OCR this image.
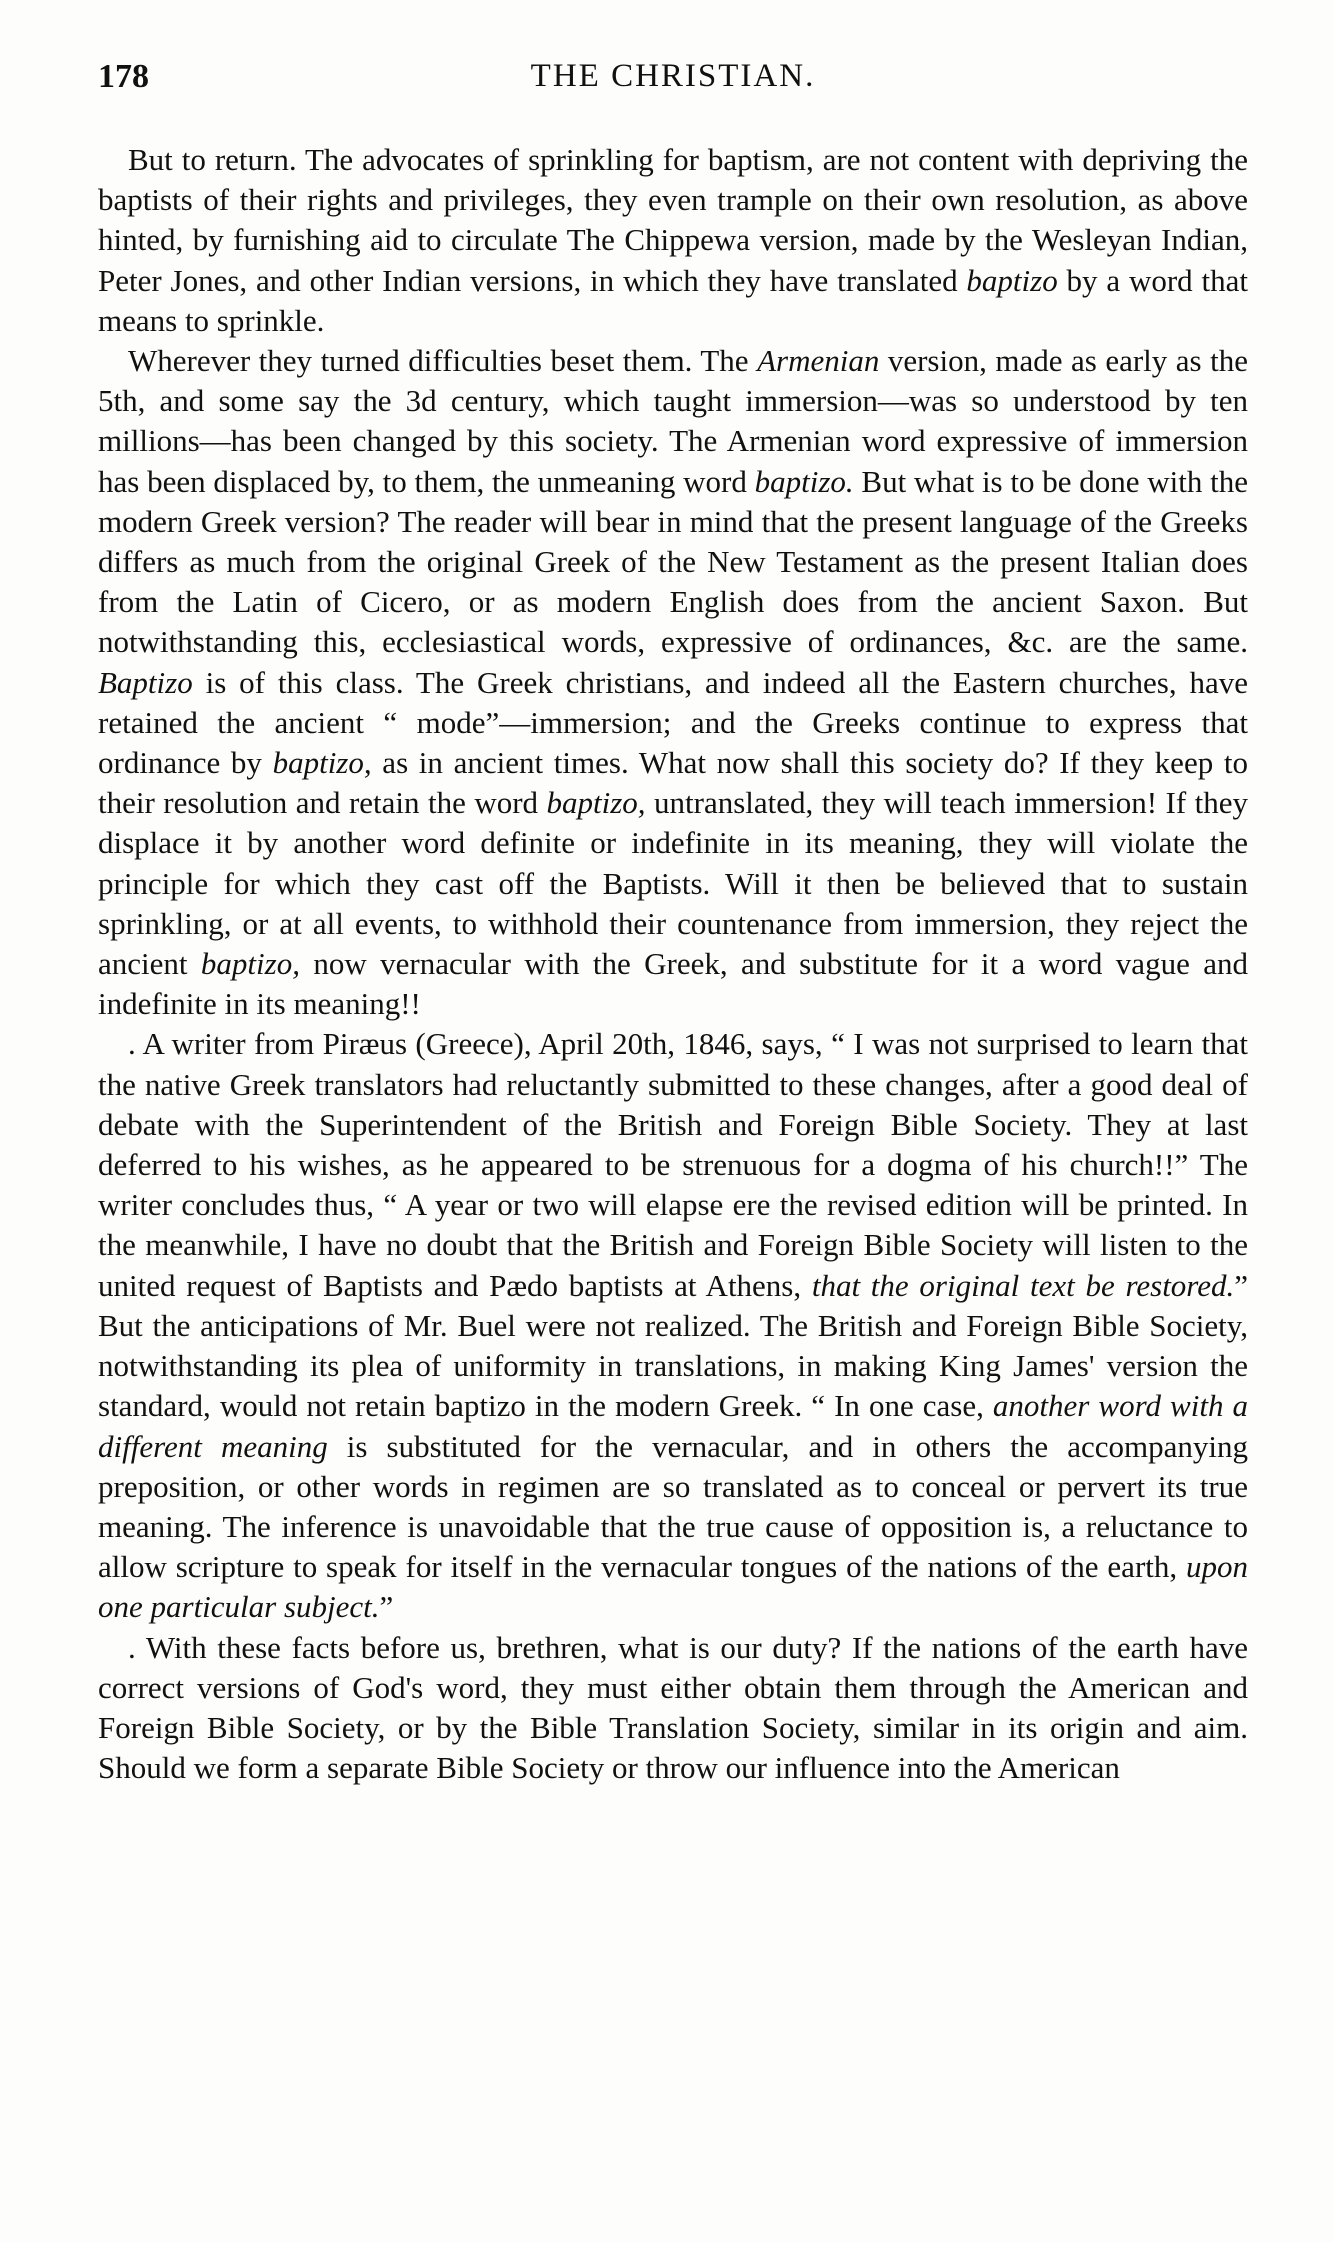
178	THE CHRISTIAN.

But to return. The advocates of sprinkling for baptism, are not content with depriving the baptists of their rights and privileges, they even trample on their own resolution, as above hinted, by furnishing aid to circulate The Chippewa version, made by the Wesleyan Indian, Peter Jones, and other Indian versions, in which they have translated baptizo by a word that means to sprinkle.

Wherever they turned difficulties beset them. The Armenian version, made as early as the 5th, and some say the 3d century, which taught immersion—was so understood by ten millions—has been changed by this society. The Armenian word expressive of immersion has been displaced by, to them, the unmeaning word baptizo. But what is to be done with the modern Greek version? The reader will bear in mind that the present language of the Greeks differs as much from the original Greek of the New Testament as the present Italian does from the Latin of Cicero, or as modern English does from the ancient Saxon. But notwithstanding this, ecclesiastical words, expressive of ordinances, &c. are the same. Baptizo is of this class. The Greek christians, and indeed all the Eastern churches, have retained the ancient “ mode”—immersion; and the Greeks continue to express that ordinance by baptizo, as in ancient times. What now shall this society do? If they keep to their resolution and retain the word baptizo, untranslated, they will teach immersion! If they displace it by another word definite or indefinite in its meaning, they will violate the principle for which they cast off the Baptists. Will it then be believed that to sustain sprinkling, or at all events, to withhold their countenance from immersion, they reject the ancient baptizo, now vernacular with the Greek, and substitute for it a word vague and indefinite in its meaning!!

. A writer from Piræus (Greece), April 20th, 1846, says, “ I was not surprised to learn that the native Greek translators had reluctantly submitted to these changes, after a good deal of debate with the Superintendent of the British and Foreign Bible Society. They at last deferred to his wishes, as he appeared to be strenuous for a dogma of his church!!” The writer concludes thus, “ A year or two will elapse ere the revised edition will be printed. In the meanwhile, I have no doubt that the British and Foreign Bible Society will listen to the united request of Baptists and Pædo baptists at Athens, that the original text be restored.” But the anticipations of Mr. Buel were not realized. The British and Foreign Bible Society, notwithstanding its plea of uniformity in translations, in making King James' version the standard, would not retain baptizo in the modern Greek. “ In one case, another word with a different meaning is substituted for the vernacular, and in others the accompanying preposition, or other words in regimen are so translated as to conceal or pervert its true meaning. The inference is unavoidable that the true cause of opposition is, a reluctance to allow scripture to speak for itself in the vernacular tongues of the nations of the earth, upon one particular subject.”

. With these facts before us, brethren, what is our duty? If the nations of the earth have correct versions of God's word, they must either obtain them through the American and Foreign Bible Society, or by the Bible Translation Society, similar in its origin and aim. Should we form a separate Bible Society or throw our influence into the American
